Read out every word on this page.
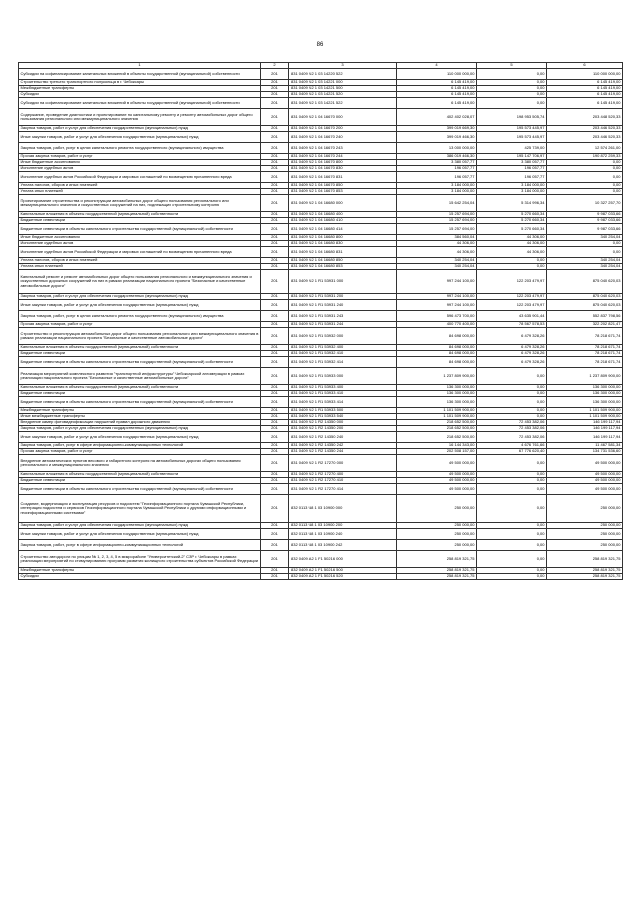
86
1	2	3	4	5	6
Субсидии на софинансирование капитальных вложений в объекты государственной (муниципальной) собственности	201	831 0409 Ч2 1 03 14220 522	110 000 000,00	0,00	110 000 000,00
Строительство третьего транспортного полукольца в г. Чебоксары	201	831 0409 Ч2 1 03 14221 000	6 145 419,00	0,00	6 145 419,00
Межбюджетные трансферты	201	831 0409 Ч2 1 03 14221 500	6 145 419,00	0,00	6 145 419,00
Субсидии	201	831 0409 Ч2 1 03 14221 520	6 145 419,00	0,00	6 145 419,00
Субсидии на софинансирование капитальных вложений в объекты государственной (муниципальной) собственности	201	831 0409 Ч2 1 03 14221 522	6 145 419,00	0,00	6 145 419,00
Содержание, проведение диагностики и проектирование по капитальному ремонту и ремонту автомобильных дорог общего пользования регионального или межмуниципального значения	201	831 0409 Ч2 1 04 16670 000	402 402 028,07	198 953 505,74	203 448 520,33
Закупка товаров, работ и услуг для обеспечения государственных (муниципальных) нужд	201	831 0409 Ч2 1 04 16670 200	399 019 669,30	195 573 445,97	203 446 520,33
Иные закупки товаров, работ и услуг для обеспечения государственных (муниципальных) нужд	201	831 0409 Ч2 1 04 16670 240	399 019 466,30	195 573 445,97	203 446 520,33
Закупка товаров, работ, услуг в целях капитального ремонта государственного (муниципального) имущества	201	831 0409 Ч2 1 04 16670 243	13 000 000,00	425 739,00	12 574 261,00
Прочая закупка товаров, работ и услуг	201	831 0409 Ч2 1 04 16670 244	386 019 466,30	195 147 706,97	190 872 259,33
Иные бюджетные ассигнования	201	831 0409 Ч2 1 04 16670 800	3 380 057,77	3 380 057,77	0,00
Исполнение судебных актов	201	831 0409 Ч2 1 04 16670 830	196 057,77	196 057,77	0,00
Исполнение судебных актов Российской Федерации и мировых соглашений по возмещению причиненного вреда	201	831 0409 Ч2 1 04 16670 831	196 057,77	196 057,77	0,00
Уплата налогов, сборов и иных платежей	201	831 0409 Ч2 1 04 16670 850	3 184 000,00	3 184 000,00	0,00
Уплата иных платежей	201	831 0409 Ч2 1 04 16670 853	3 184 000,00	3 184 000,00	0,00
Проектирование строительства и реконструкции автомобильных дорог общего пользования регионального или межмуниципального значения и искусственных сооружений на них, подлежащих строительному контролю	201	831 0409 Ч2 1 04 16680 000	15 642 254,04	5 314 996,34	10 327 257,70
Капитальные вложения в объекты государственной (муниципальной) собственности	201	831 0409 Ч2 1 04 16680 400	15 257 694,00	5 270 660,34	9 987 033,66
Бюджетные инвестиции	201	831 0409 Ч2 1 04 16680 410	15 257 694,00	5 270 660,34	9 987 033,66
Бюджетные инвестиции в объекты капитального строительства государственной (муниципальной) собственности	201	831 0409 Ч2 1 04 16680 414	15 257 694,00	5 270 660,34	9 987 033,66
Иные бюджетные ассигнования	201	831 0409 Ч2 1 04 16680 800	384 560,04	44 306,00	340 254,04
Исполнение судебных актов	201	831 0409 Ч2 1 04 16680 830	44 306,00	44 306,00	0,00
Исполнение судебных актов Российской Федерации и мировых соглашений по возмещению причиненного вреда	201	831 0409 Ч2 1 04 16680 831	44 306,00	44 306,00	0,00
Уплата налогов, сборов и иных платежей	201	831 0409 Ч2 1 04 16680 850	340 254,04	0,00	340 254,04
Уплата иных платежей	201	831 0409 Ч2 1 04 16680 853	340 254,04	0,00	340 254,04
Капитальный ремонт и ремонт автомобильных дорог общего пользования регионального и межмуниципального значения и искусственных дорожных сооружений на них в рамках реализации национального проекта "Безопасные и качественные автомобильные дороги"	201	831 0409 Ч2 1 R1 53931 000	997 244 100,00	122 203 479,97	875 040 620,03
Закупка товаров, работ и услуг для обеспечения государственных (муниципальных) нужд	201	831 0409 Ч2 1 R1 53931 200	997 244 100,00	122 203 479,97	875 040 620,03
Иные закупки товаров, работ и услуг для обеспечения государственных (муниципальных) нужд	201	831 0409 Ч2 1 R1 53931 240	997 244 100,00	122 203 479,97	875 040 620,03
Закупка товаров, работ, услуг в целях капитального ремонта государственного (муниципального) имущества	201	831 0409 Ч2 1 R1 53931 243	596 473 700,00	43 635 901,44	552 837 798,56
Прочая закупка товаров, работ и услуг	201	831 0409 Ч2 1 R1 53931 244	400 770 400,00	78 567 578,53	322 202 821,47
Строительство и реконструкция автомобильных дорог общего пользования регионального или межмуниципального значения в рамках реализации национального проекта "Безопасные и качественные автомобильные дороги"	201	831 0409 Ч2 1 R1 53932 000	84 698 000,00	6 479 328,26	78 218 671,74
Капитальные вложения в объекты государственной (муниципальной) собственности	201	831 0409 Ч2 1 R1 53932 400	84 698 000,00	6 479 328,26	78 218 671,74
Бюджетные инвестиции	201	831 0409 Ч2 1 R1 53932 410	84 698 000,00	6 479 328,26	78 218 671,74
Бюджетные инвестиции в объекты капитального строительства государственной (муниципальной) собственности	201	831 0409 Ч2 1 R1 53932 414	84 698 000,00	6 479 328,26	78 218 671,74
Реализация мероприятий комплексного развития "транспортной инфраструктуры" Чебоксарской агломерации в рамках реализации национального проекта "Безопасные и качественные автомобильные дороги"	201	831 0409 Ч2 1 R1 53933 000	1 237 809 900,00	0,00	1 237 809 900,00
Капитальные вложения в объекты государственной (муниципальной) собственности	201	831 0409 Ч2 1 R1 53933 400	136 300 000,00	0,00	136 300 000,00
Бюджетные инвестиции	201	831 0409 Ч2 1 R1 53933 410	136 300 000,00	0,00	136 300 000,00
Бюджетные инвестиции в объекты капитального строительства государственной (муниципальной) собственности	201	831 0409 Ч2 1 R1 53933 414	136 300 000,00	0,00	136 300 000,00
Межбюджетные трансферты	201	831 0409 Ч2 1 R1 53933 500	1 101 509 900,00	0,00	1 101 509 900,00
Иные межбюджетные трансферты	201	831 0409 Ч2 1 R1 53933 540	1 101 509 900,00	0,00	1 101 509 900,00
Внедрение камер фотовидеофиксации нарушений правил дорожного движения	201	831 0409 Ч2 1 R2 14350 000	218 652 500,00	72 453 382,06	146 199 117,94
Закупка товаров, работ и услуг для обеспечения государственных (муниципальных) нужд	201	831 0409 Ч2 1 R2 14350 200	218 652 500,00	72 453 382,06	146 199 117,94
Иные закупки товаров, работ и услуг для обеспечения государственных (муниципальных) нужд	201	831 0409 Ч2 1 R2 14350 240	218 652 500,00	72 453 382,06	146 199 117,94
Закупка товаров, работ, услуг в сфере информационно-коммуникационных технологий	201	831 0409 Ч2 1 R2 14350 242	16 144 343,00	4 676 761,66	11 467 581,34
Прочая закупка товаров, работ и услуг	201	831 0409 Ч2 1 R2 14350 244	202 508 157,00	67 776 620,40	134 731 536,60
Внедрение автоматических пунктов весового и габаритного контроля на автомобильных дорогах общего пользования регионального и межмуниципального значения	201	831 0409 Ч2 1 R2 17270 000	49 500 000,00	0,00	49 500 000,00
Капитальные вложения в объекты государственной (муниципальной) собственности	201	831 0409 Ч2 1 R2 17270 400	49 500 000,00	0,00	49 500 000,00
Бюджетные инвестиции	201	831 0409 Ч2 1 R2 17270 410	49 500 000,00	0,00	49 500 000,00
Бюджетные инвестиции в объекты капитального строительства государственной (муниципальной) собственности	201	831 0409 Ч2 1 R2 17270 414	49 500 000,00	0,00	49 500 000,00
Создание, модернизация и эксплуатация ресурсов и подсистем "Геоинформационного портала Чувашской Республики, интеграция подсистем и сервисов Геоинформационного портала Чувашской Республики с другими информационными и геоинформационными системами"	201	832 0113 Ч8 1 03 10900 000	250 000,00	0,00	250 000,00
Закупка товаров, работ и услуг для обеспечения государственных (муниципальных) нужд	201	832 0113 Ч8 1 03 10900 200	250 000,00	0,00	250 000,00
Иные закупки товаров, работ и услуг для обеспечения государственных (муниципальных) нужд	201	832 0113 Ч8 1 03 10900 240	250 000,00	0,00	250 000,00
Закупка товаров, работ, услуг в сфере информационно-коммуникационных технологий	201	832 0113 Ч8 1 03 10900 242	250 000,00	0,00	250 000,00
Строительство автодороги по улицам № 1, 2, 3, 4, 5 в микрорайоне "Университетский-2" СЗР г. Чебоксары в рамках реализации мероприятий по стимулированию программ развития жилищного строительства субъектов Российской Федерации	201	832 0409 А2 1 F1 50216 000	258 819 321,75	0,00	258 819 321,75
Межбюджетные трансферты	201	832 0409 А2 1 F1 50216 500	258 819 321,75	0,00	258 819 321,75
Субсидии	201	832 0409 А2 1 F1 50216 520	258 819 321,75	0,00	258 819 321,75
